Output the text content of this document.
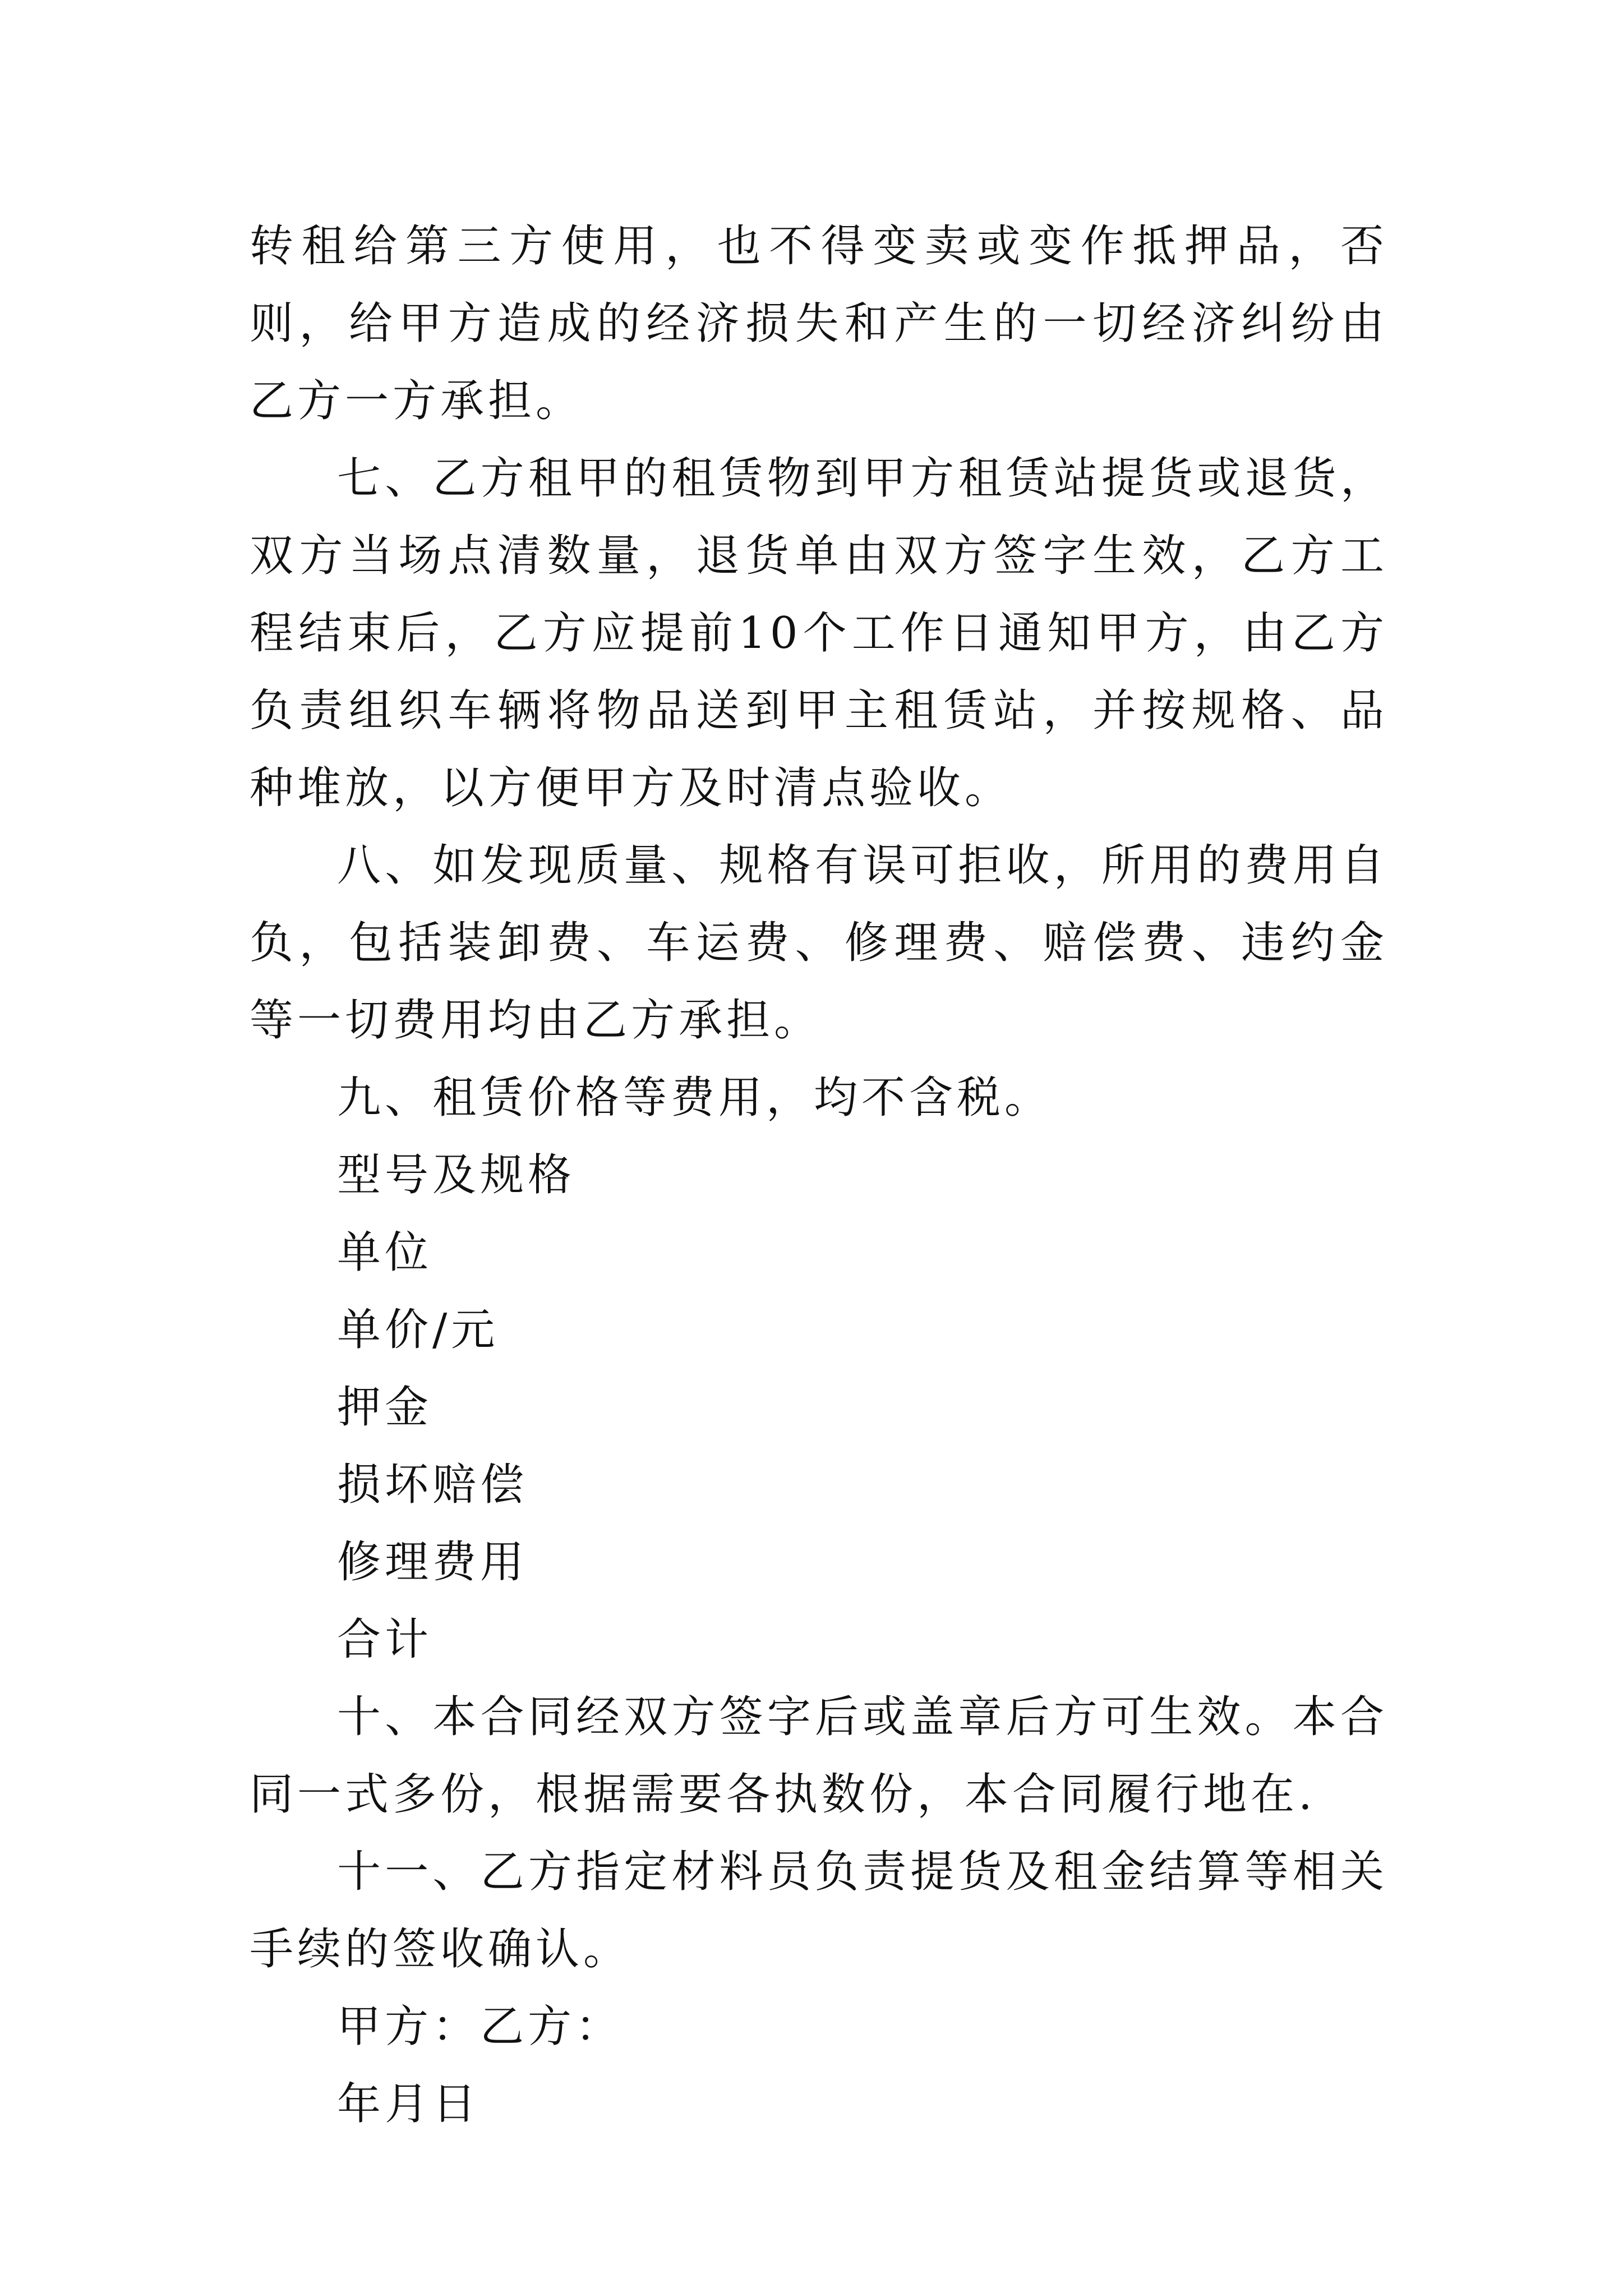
转租给第三方使用，也不得变卖或变作抵押品，否则，给甲方造成的经济损失和产生的一切经济纠纷由乙方一方承担。

七、乙方租甲的租赁物到甲方租赁站提货或退货，双方当场点清数量，退货单由双方签字生效，乙方工程结束后，乙方应提前10个工作日通知甲方，由乙方负责组织车辆将物品送到甲主租赁站，并按规格、品种堆放，以方便甲方及时清点验收。

八、如发现质量、规格有误可拒收，所用的费用自负，包括装卸费、车运费、修理费、赔偿费、违约金等一切费用均由乙方承担。

九、租赁价格等费用，均不含税。

型号及规格

单位

单价/元

押金

损坏赔偿

修理费用

合计

十、本合同经双方签字后或盖章后方可生效。本合同一式多份，根据需要各执数份，本合同履行地在.

十一、乙方指定材料员负责提货及租金结算等相关手续的签收确认。

甲方：乙方：

年月日
